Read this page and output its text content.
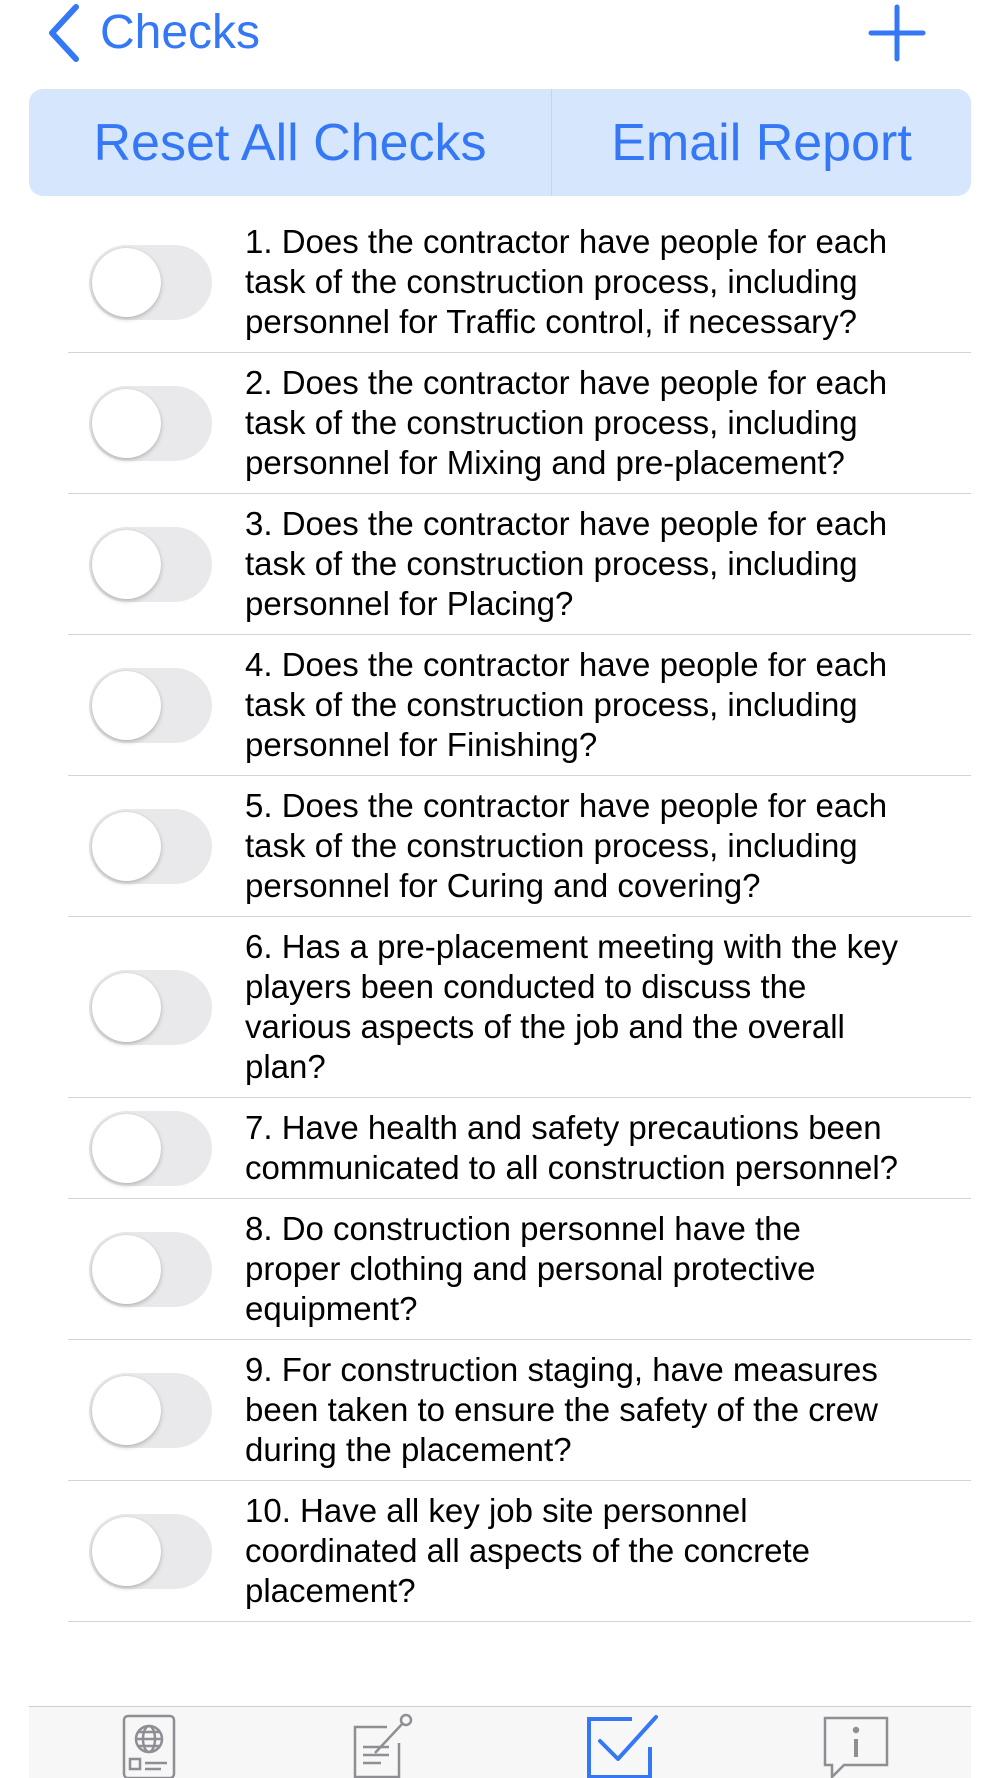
Checks
Reset All Checks	Email Report
1. Does the contractor have people for each
task of the construction process, including
personnel for Traffic control, if necessary?
2. Does the contractor have people for each
task of the construction process, including
personnel for Mixing and pre-placement?
3. Does the contractor have people for each
task of the construction process, including
personnel for Placing?
4. Does the contractor have people for each
task of the construction process, including
personnel for Finishing?
5. Does the contractor have people for each
task of the construction process, including
personnel for Curing and covering?
6. Has a pre-placement meeting with the key
players been conducted to discuss the
various aspects of the job and the overall
plan?
7. Have health and safety precautions been
communicated to all construction personnel?
8. Do construction personnel have the
proper clothing and personal protective
equipment?
9. For construction staging, have measures
been taken to ensure the safety of the crew
during the placement?
10. Have all key job site personnel
coordinated all aspects of the concrete
placement?
